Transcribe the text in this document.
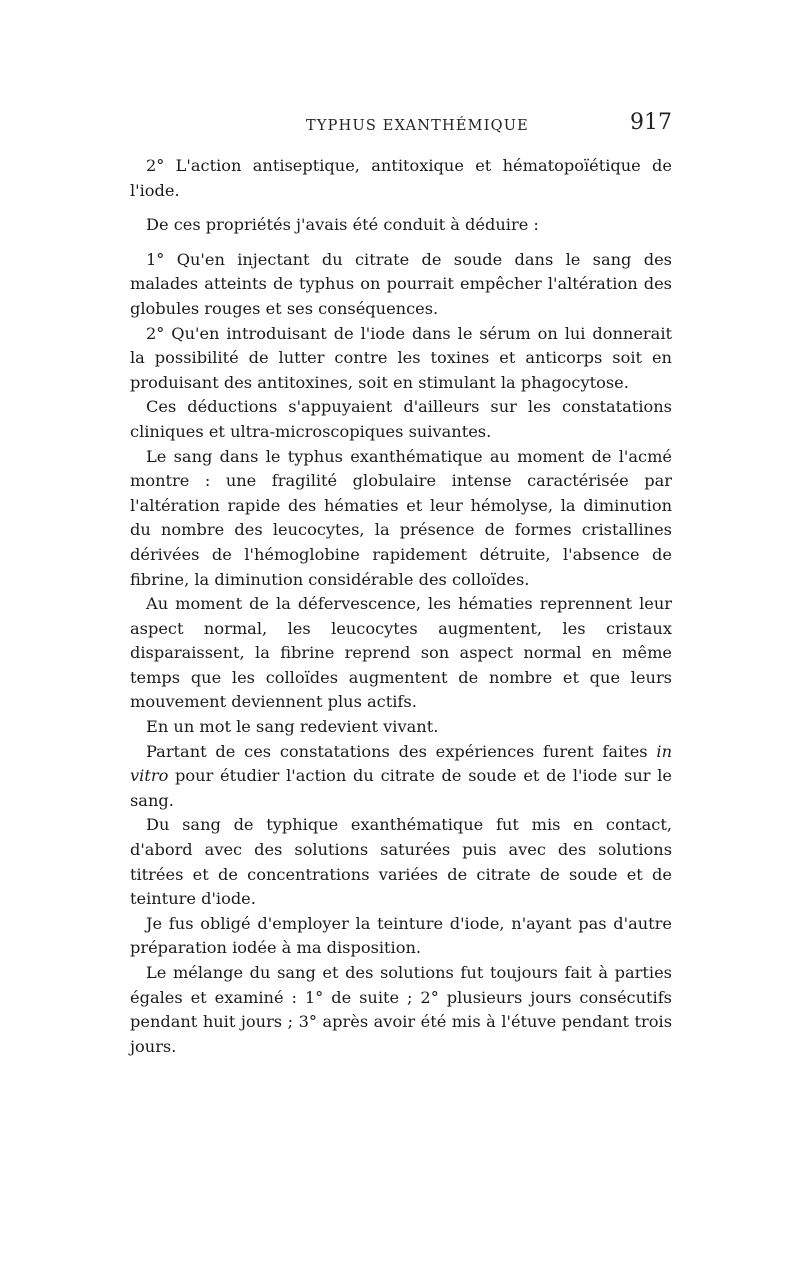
TYPHUS EXANTHÉMIQUE	917

2° L'action antiseptique, antitoxique et hématopoïétique de l'iode.

De ces propriétés j'avais été conduit à déduire :

1° Qu'en injectant du citrate de soude dans le sang des malades atteints de typhus on pourrait empêcher l'altération des globules rouges et ses conséquences.

2° Qu'en introduisant de l'iode dans le sérum on lui donnerait la possibilité de lutter contre les toxines et anticorps soit en produisant des antitoxines, soit en stimulant la phagocytose.

Ces déductions s'appuyaient d'ailleurs sur les constatations cliniques et ultra-microscopiques suivantes.

Le sang dans le typhus exanthématique au moment de l'acmé montre : une fragilité globulaire intense caractérisée par l'altération rapide des hématies et leur hémolyse, la diminution du nombre des leucocytes, la présence de formes cristallines dérivées de l'hémoglobine rapidement détruite, l'absence de fibrine, la diminution considérable des colloïdes.

Au moment de la défervescence, les hématies reprennent leur aspect normal, les leucocytes augmentent, les cristaux disparaissent, la fibrine reprend son aspect normal en même temps que les colloïdes augmentent de nombre et que leurs mouvement deviennent plus actifs.

En un mot le sang redevient vivant.

Partant de ces constatations des expériences furent faites in vitro pour étudier l'action du citrate de soude et de l'iode sur le sang.

Du sang de typhique exanthématique fut mis en contact, d'abord avec des solutions saturées puis avec des solutions titrées et de concentrations variées de citrate de soude et de teinture d'iode.

Je fus obligé d'employer la teinture d'iode, n'ayant pas d'autre préparation iodée à ma disposition.

Le mélange du sang et des solutions fut toujours fait à parties égales et examiné : 1° de suite ; 2° plusieurs jours consécutifs pendant huit jours ; 3° après avoir été mis à l'étuve pendant trois jours.
